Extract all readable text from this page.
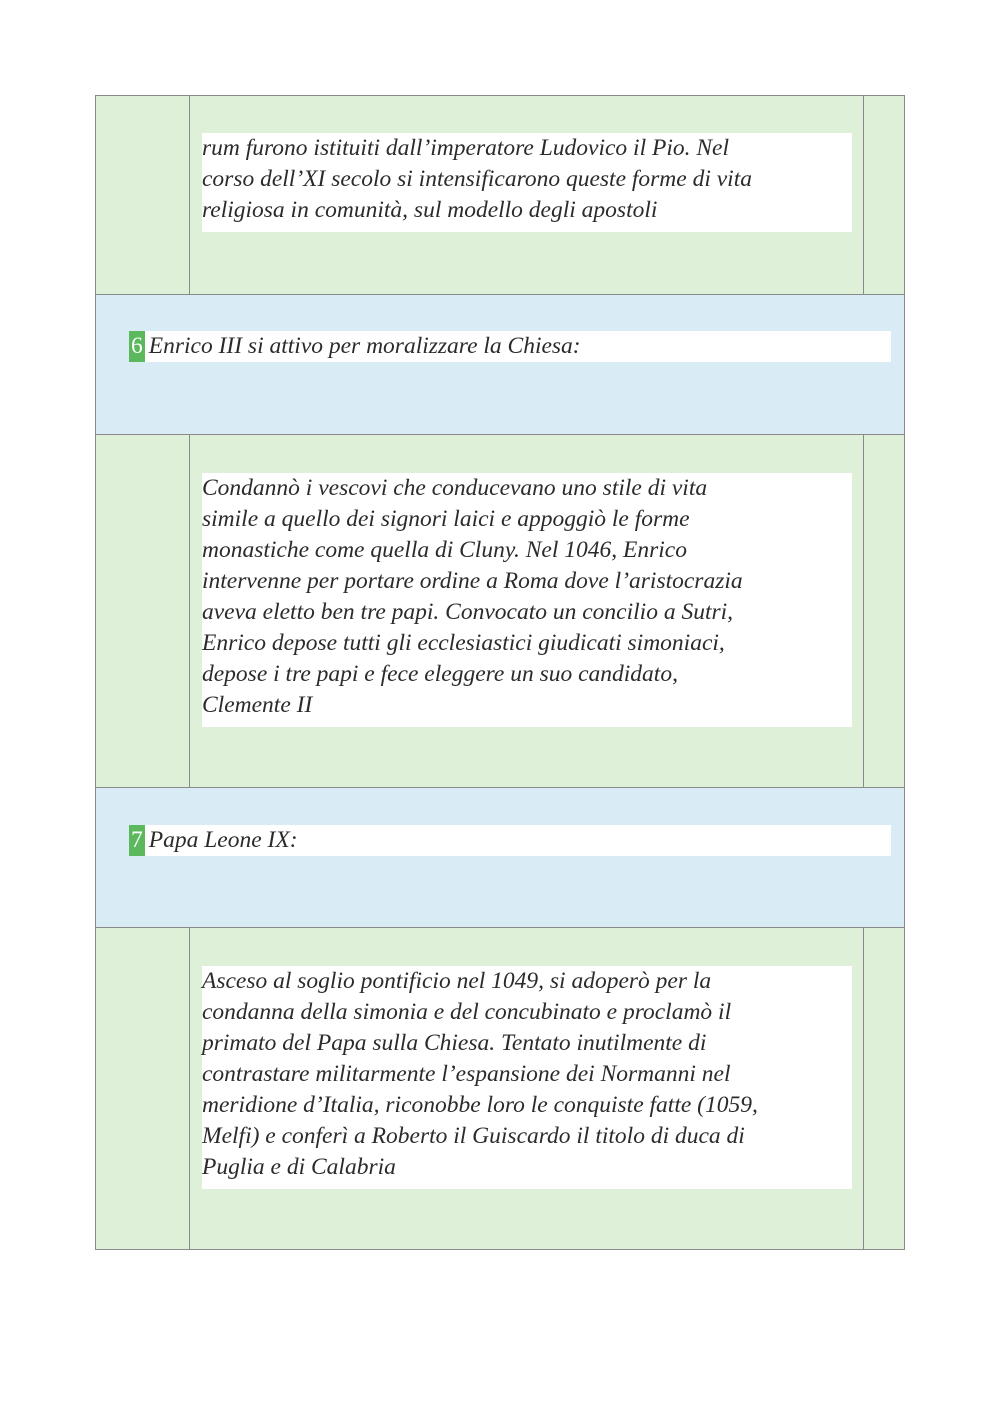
rum furono istituiti dall’imperatore Ludovico il Pio. Nel
corso dell’XI secolo si intensificarono queste forme di vita
religiosa in comunità, sul modello degli apostoli
6 Enrico III si attivo per moralizzare la Chiesa:
Condannò i vescovi che conducevano uno stile di vita
simile a quello dei signori laici e appoggiò le forme
monastiche come quella di Cluny. Nel 1046, Enrico
intervenne per portare ordine a Roma dove l’aristocrazia
aveva eletto ben tre papi. Convocato un concilio a Sutri,
Enrico depose tutti gli ecclesiastici giudicati simoniaci,
depose i tre papi e fece eleggere un suo candidato,
Clemente II
7 Papa Leone IX:
Asceso al soglio pontificio nel 1049, si adoperò per la
condanna della simonia e del concubinato e proclamò il
primato del Papa sulla Chiesa. Tentato inutilmente di
contrastare militarmente l’espansione dei Normanni nel
meridione d’Italia, riconobbe loro le conquiste fatte (1059,
Melfi) e conferì a Roberto il Guiscardo il titolo di duca di
Puglia e di Calabria
